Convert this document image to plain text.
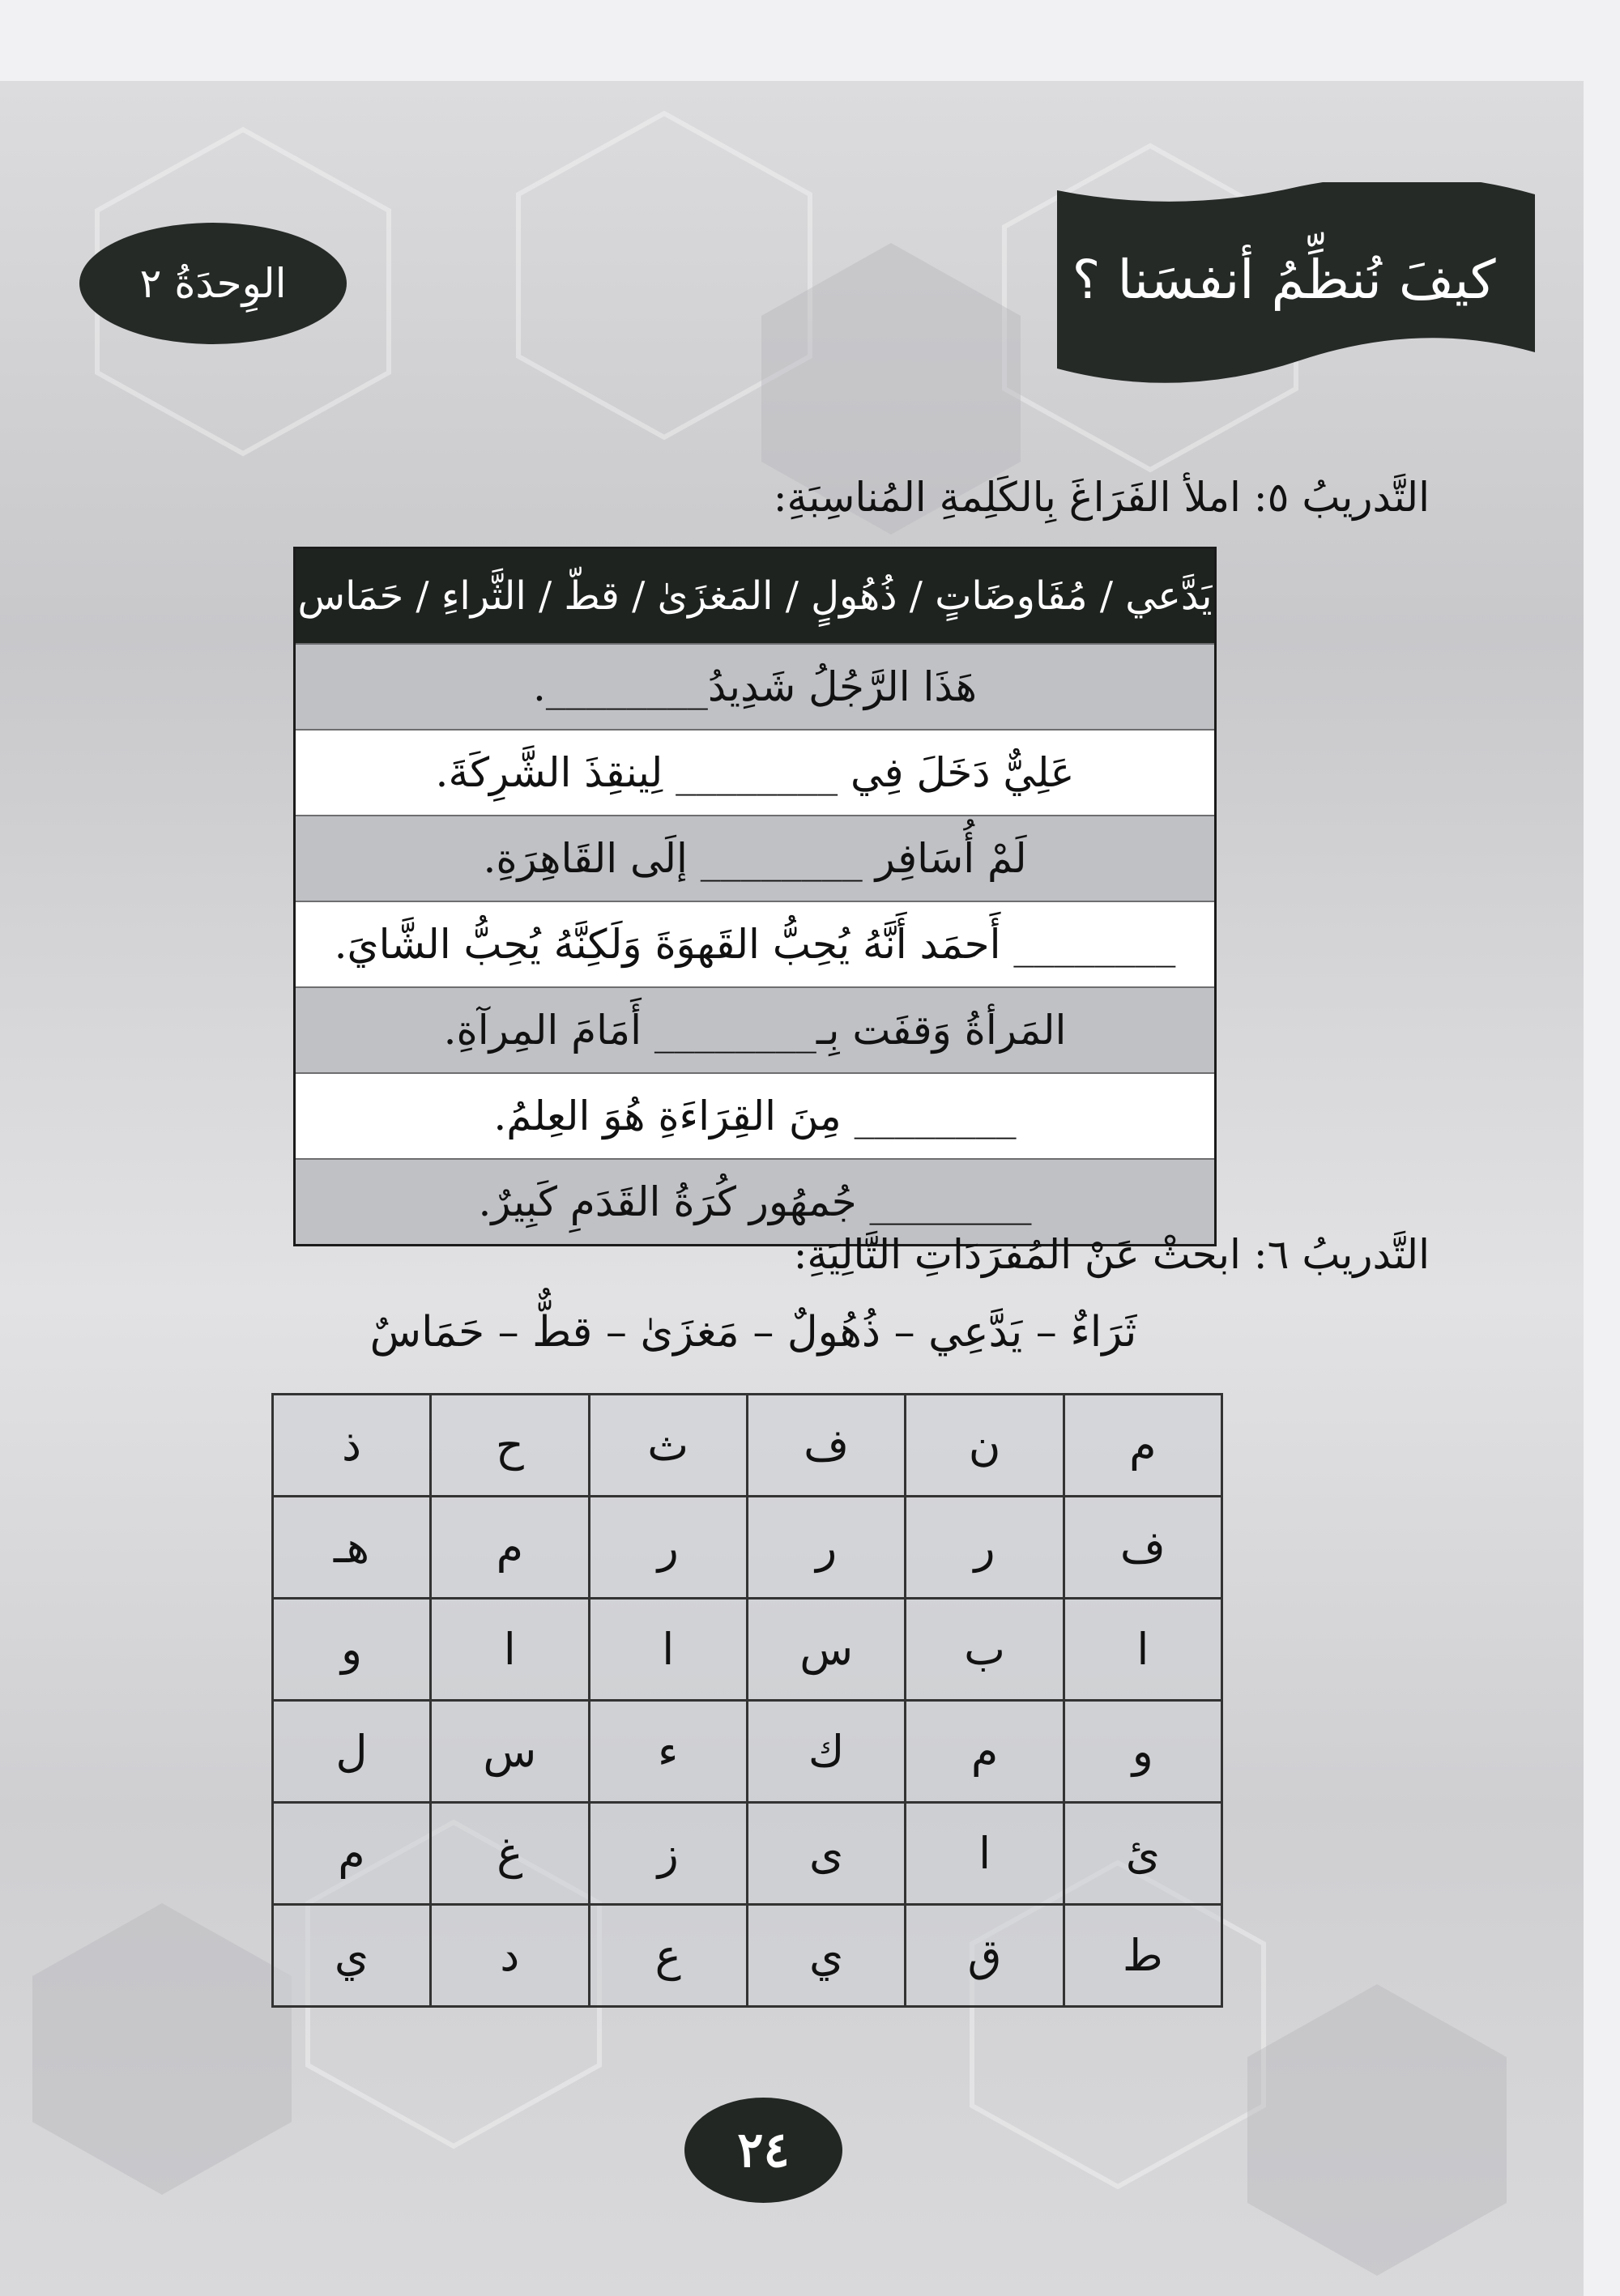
كيفَ نُنظِّمُ أنفسَنا ؟
الوِحدَةُ ٢
التَّدريبُ ٥: املأ الفَرَاغَ بِالكَلِمةِ المُناسِبَةِ:
يَدَّعي / مُفَاوضَاتٍ / ذُهُولٍ / المَغزَىٰ / قطّ / الثَّراءِ / حَمَاس
هَذَا الرَّجُلُ شَدِيدُ________.
عَلِيٌّ دَخَلَ فِي ________ لِينقِذَ الشَّرِكَةَ.
لَمْ أُسَافِر ________ إلَى القَاهِرَةِ.
________ أَحمَد أَنَّهُ يُحِبُّ القَهوَةَ وَلَكِنَّهُ يُحِبُّ الشَّايَ.
المَرأةُ وَقفَت بِـ________ أَمَامَ المِرآةِ.
________ مِنَ القِرَاءَةِ هُوَ العِلمُ.
________ جُمهُور كُرَةُ القَدَمِ كَبِيرٌ.
التَّدريبُ ٦: ابحثْ عَنْ المُفرَدَاتِ التَّالِيَةِ:
ثَرَاءٌ – يَدَّعِي – ذُهُولٌ – مَغزَىٰ – قطٌّ – حَمَاسٌ
م	ن	ف	ث	ح	ذ
ف	ر	ر	ر	م	هـ
ا	ب	س	ا	ا	و
و	م	ك	ء	س	ل
ئ	ا	ى	ز	غ	م
ط	ق	ي	ع	د	ي
٢٤
